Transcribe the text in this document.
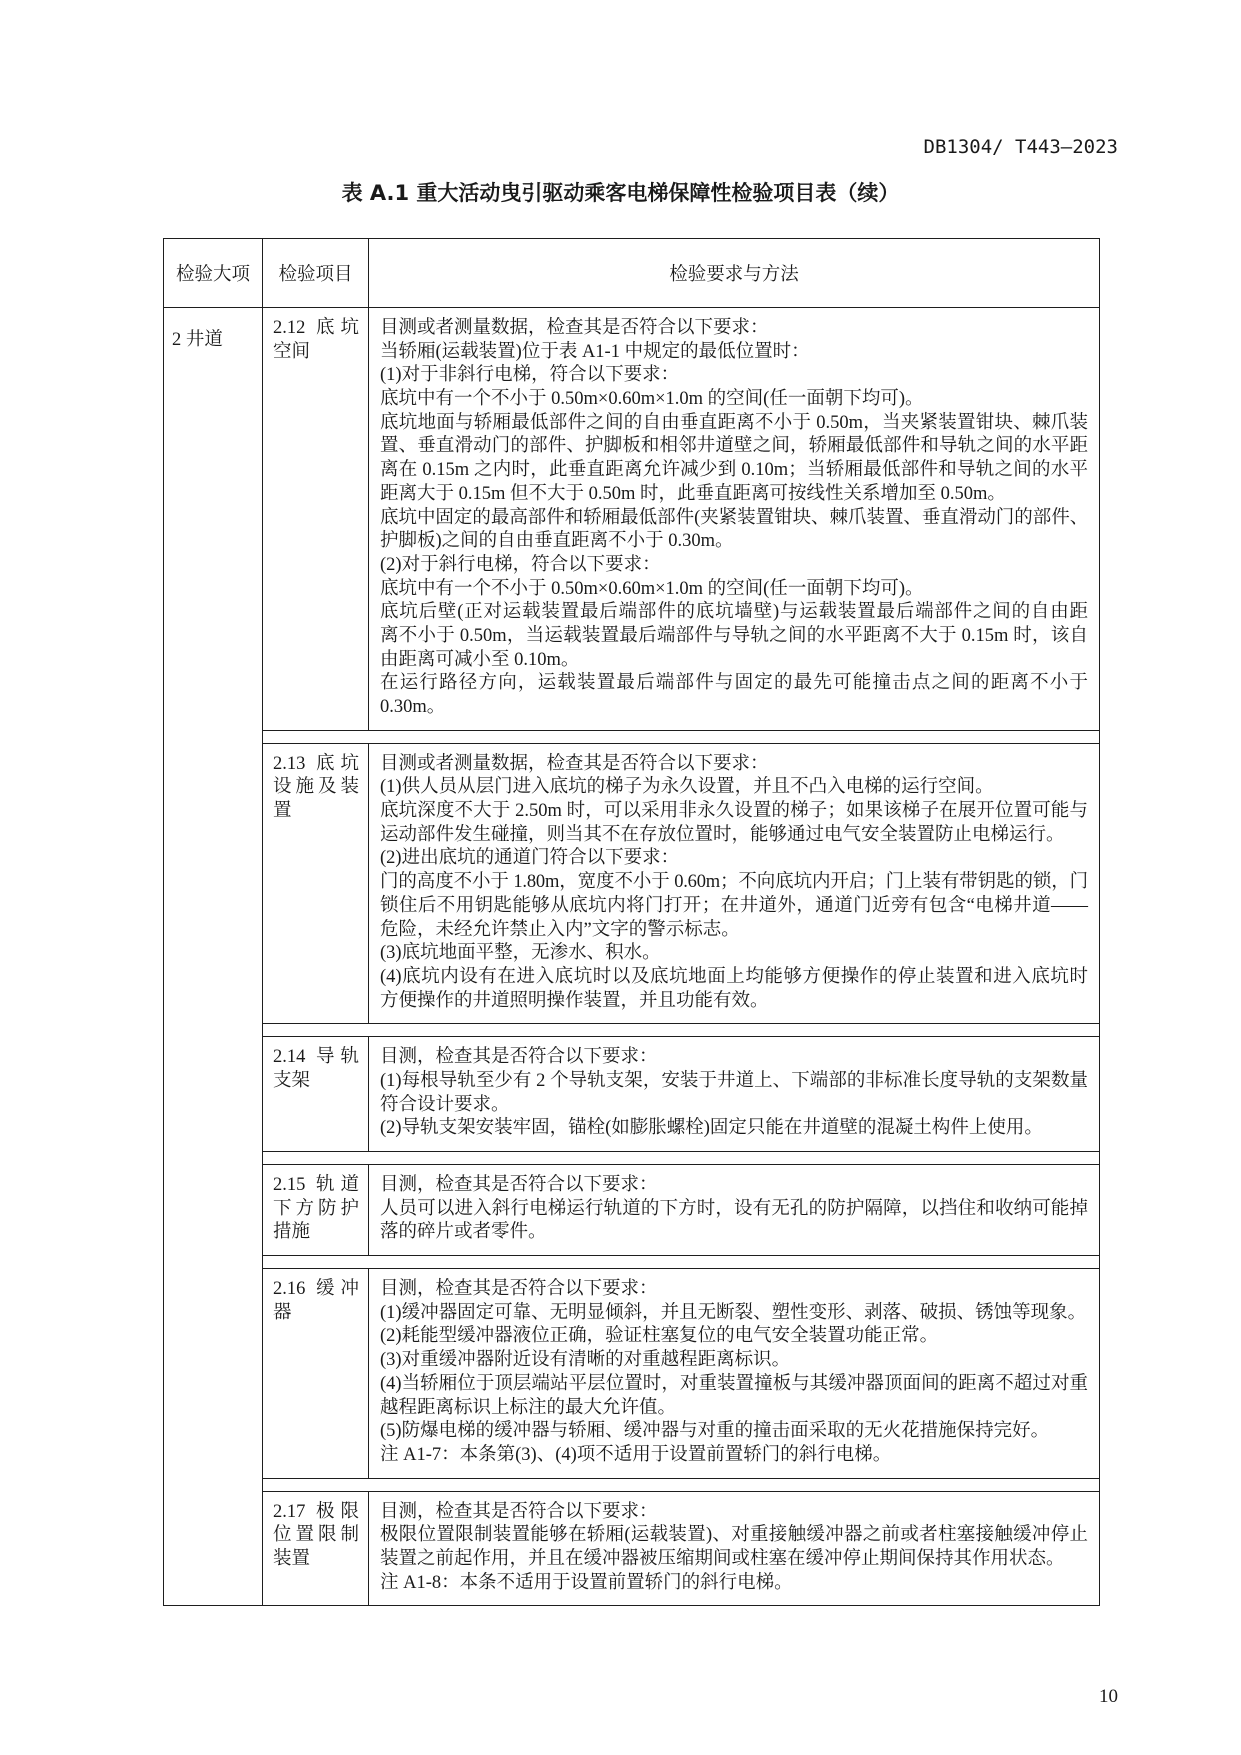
DB1304/ T443—2023
表 A.1 重大活动曳引驱动乘客电梯保障性检验项目表（续）
检验大项	检验项目	检验要求与方法
2 井道
2.12 底坑
空间
目测或者测量数据，检查其是否符合以下要求：
当轿厢(运载装置)位于表 A1-1 中规定的最低位置时：
(1)对于非斜行电梯，符合以下要求：
底坑中有一个不小于 0.50m×0.60m×1.0m 的空间(任一面朝下均可)。
底坑地面与轿厢最低部件之间的自由垂直距离不小于 0.50m，当夹紧装置钳块、棘爪装
置、垂直滑动门的部件、护脚板和相邻井道壁之间，轿厢最低部件和导轨之间的水平距
离在 0.15m 之内时，此垂直距离允许减少到 0.10m；当轿厢最低部件和导轨之间的水平
距离大于 0.15m 但不大于 0.50m 时，此垂直距离可按线性关系增加至 0.50m。
底坑中固定的最高部件和轿厢最低部件(夹紧装置钳块、棘爪装置、垂直滑动门的部件、
护脚板)之间的自由垂直距离不小于 0.30m。
(2)对于斜行电梯，符合以下要求：
底坑中有一个不小于 0.50m×0.60m×1.0m 的空间(任一面朝下均可)。
底坑后壁(正对运载装置最后端部件的底坑墙壁)与运载装置最后端部件之间的自由距
离不小于 0.50m，当运载装置最后端部件与导轨之间的水平距离不大于 0.15m 时，该自
由距离可减小至 0.10m。
在运行路径方向，运载装置最后端部件与固定的最先可能撞击点之间的距离不小于
0.30m。
2.13 底坑
设施及装
置
目测或者测量数据，检查其是否符合以下要求：
(1)供人员从层门进入底坑的梯子为永久设置，并且不凸入电梯的运行空间。
底坑深度不大于 2.50m 时，可以采用非永久设置的梯子；如果该梯子在展开位置可能与
运动部件发生碰撞，则当其不在存放位置时，能够通过电气安全装置防止电梯运行。
(2)进出底坑的通道门符合以下要求：
门的高度不小于 1.80m，宽度不小于 0.60m；不向底坑内开启；门上装有带钥匙的锁，门
锁住后不用钥匙能够从底坑内将门打开；在井道外，通道门近旁有包含“电梯井道——
危险，未经允许禁止入内”文字的警示标志。
(3)底坑地面平整，无渗水、积水。
(4)底坑内设有在进入底坑时以及底坑地面上均能够方便操作的停止装置和进入底坑时
方便操作的井道照明操作装置，并且功能有效。
2.14 导轨
支架
目测，检查其是否符合以下要求：
(1)每根导轨至少有 2 个导轨支架，安装于井道上、下端部的非标准长度导轨的支架数量
符合设计要求。
(2)导轨支架安装牢固，锚栓(如膨胀螺栓)固定只能在井道壁的混凝土构件上使用。
2.15 轨道
下方防护
措施
目测，检查其是否符合以下要求：
人员可以进入斜行电梯运行轨道的下方时，设有无孔的防护隔障，以挡住和收纳可能掉
落的碎片或者零件。
2.16 缓冲
器
目测，检查其是否符合以下要求：
(1)缓冲器固定可靠、无明显倾斜，并且无断裂、塑性变形、剥落、破损、锈蚀等现象。
(2)耗能型缓冲器液位正确，验证柱塞复位的电气安全装置功能正常。
(3)对重缓冲器附近设有清晰的对重越程距离标识。
(4)当轿厢位于顶层端站平层位置时，对重装置撞板与其缓冲器顶面间的距离不超过对重
越程距离标识上标注的最大允许值。
(5)防爆电梯的缓冲器与轿厢、缓冲器与对重的撞击面采取的无火花措施保持完好。
注 A1-7：本条第(3)、(4)项不适用于设置前置轿门的斜行电梯。
2.17 极限
位置限制
装置
目测，检查其是否符合以下要求：
极限位置限制装置能够在轿厢(运载装置)、对重接触缓冲器之前或者柱塞接触缓冲停止
装置之前起作用，并且在缓冲器被压缩期间或柱塞在缓冲停止期间保持其作用状态。
注 A1-8：本条不适用于设置前置轿门的斜行电梯。
10
